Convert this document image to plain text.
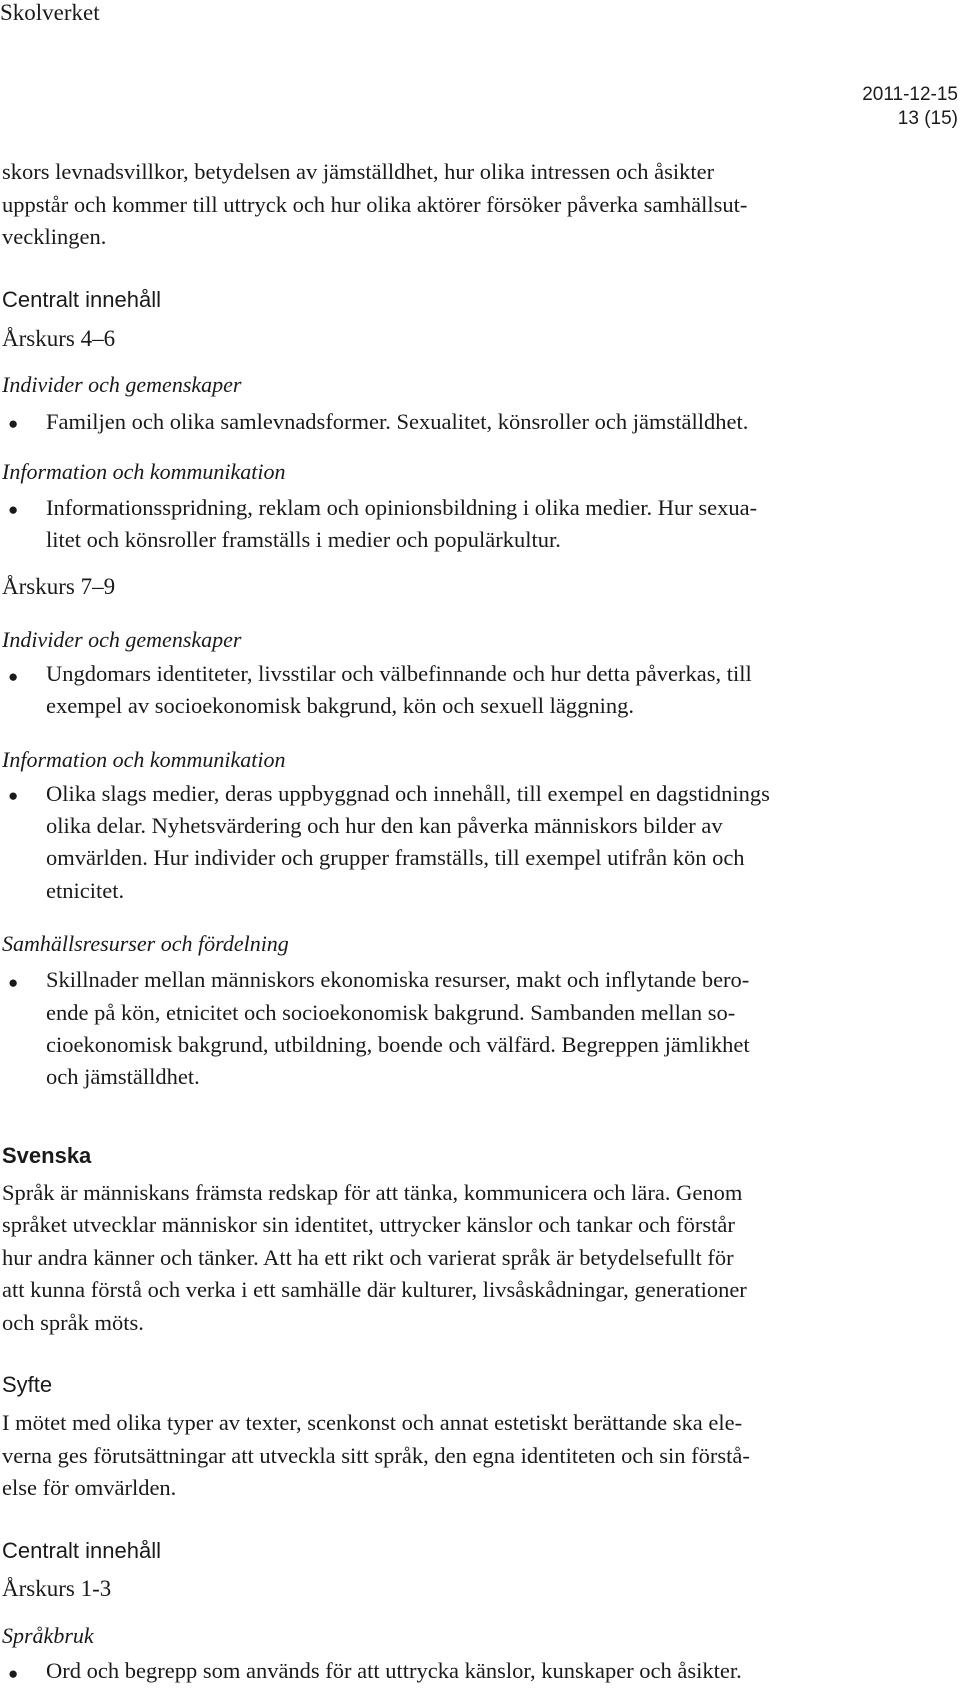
Skolverket
2011-12-15
13 (15)
skors levnadsvillkor, betydelsen av jämställdhet, hur olika intressen och åsikter
uppstår och kommer till uttryck och hur olika aktörer försöker påverka samhällsut-
vecklingen.
Centralt innehåll
Årskurs 4–6
Individer och gemenskaper
● Familjen och olika samlevnadsformer. Sexualitet, könsroller och jämställdhet.
Information och kommunikation
● Informationsspridning, reklam och opinionsbildning i olika medier. Hur sexua-
litet och könsroller framställs i medier och populärkultur.
Årskurs 7–9
Individer och gemenskaper
● Ungdomars identiteter, livsstilar och välbefinnande och hur detta påverkas, till
exempel av socioekonomisk bakgrund, kön och sexuell läggning.
Information och kommunikation
● Olika slags medier, deras uppbyggnad och innehåll, till exempel en dagstidnings
olika delar. Nyhetsvärdering och hur den kan påverka människors bilder av
omvärlden. Hur individer och grupper framställs, till exempel utifrån kön och
etnicitet.
Samhällsresurser och fördelning
● Skillnader mellan människors ekonomiska resurser, makt och inflytande bero-
ende på kön, etnicitet och socioekonomisk bakgrund. Sambanden mellan so-
cioekonomisk bakgrund, utbildning, boende och välfärd. Begreppen jämlikhet
och jämställdhet.
Svenska
Språk är människans främsta redskap för att tänka, kommunicera och lära. Genom
språket utvecklar människor sin identitet, uttrycker känslor och tankar och förstår
hur andra känner och tänker. Att ha ett rikt och varierat språk är betydelsefullt för
att kunna förstå och verka i ett samhälle där kulturer, livsåskådningar, generationer
och språk möts.
Syfte
I mötet med olika typer av texter, scenkonst och annat estetiskt berättande ska ele-
verna ges förutsättningar att utveckla sitt språk, den egna identiteten och sin förstå-
else för omvärlden.
Centralt innehåll
Årskurs 1-3
Språkbruk
● Ord och begrepp som används för att uttrycka känslor, kunskaper och åsikter.
